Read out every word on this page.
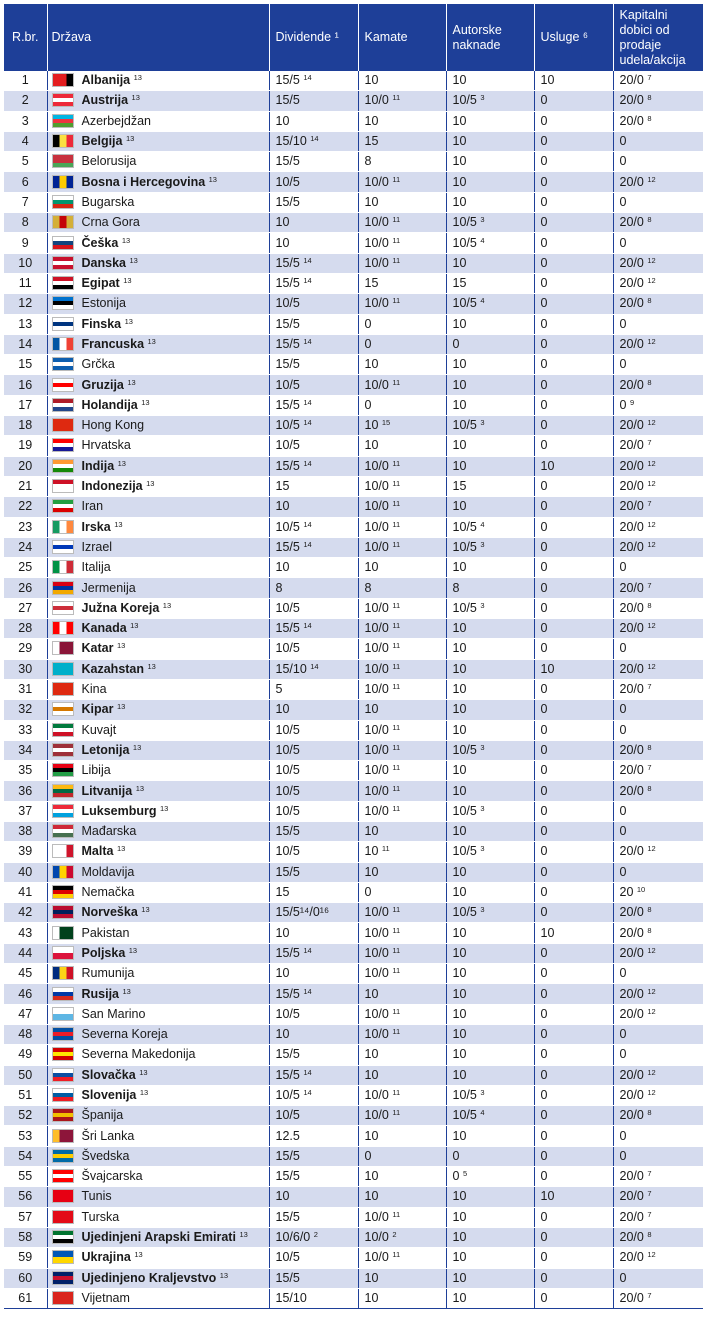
R.br.	Država	Dividende ¹	Kamate	Autorske naknade	Usluge ⁶	Kapitalni dobici od prodaje udela/akcija
1	Albanija $^{13}$	15/5 $^{14}$	10	10	10	20/0 $^7$
2	Austrija $^{13}$	15/5	10/0 $^{11}$	10/5 $^3$	0	20/0 $^8$
3	Azerbejdžan	10	10	10	0	20/0 $^8$
4	Belgija $^{13}$	15/10 $^{14}$	15	10	0	0
5	Belorusija	15/5	8	10	0	0
6	Bosna i Hercegovina $^{13}$	10/5	10/0 $^{11}$	10	0	20/0 $^{12}$
7	Bugarska	15/5	10	10	0	0
8	Crna Gora	10	10/0 $^{11}$	10/5 $^3$	0	20/0 $^8$
9	Češka $^{13}$	10	10/0 $^{11}$	10/5 $^4$	0	0
10	Danska $^{13}$	15/5 $^{14}$	10/0 $^{11}$	10	0	20/0 $^{12}$
11	Egipat $^{13}$	15/5 $^{14}$	15	15	0	20/0 $^{12}$
12	Estonija	10/5	10/0 $^{11}$	10/5 $^4$	0	20/0 $^8$
13	Finska $^{13}$	15/5	0	10	0	0
14	Francuska $^{13}$	15/5 $^{14}$	0	0	0	20/0 $^{12}$
15	Grčka	15/5	10	10	0	0
16	Gruzija $^{13}$	10/5	10/0 $^{11}$	10	0	20/0 $^8$
17	Holandija $^{13}$	15/5 $^{14}$	0	10	0	0 $^9$
18	Hong Kong	10/5 $^{14}$	10 $^{15}$	10/5 $^3$	0	20/0 $^{12}$
19	Hrvatska	10/5	10	10	0	20/0 $^7$
20	Indija $^{13}$	15/5 $^{14}$	10/0 $^{11}$	10	10	20/0 $^{12}$
21	Indonezija $^{13}$	15	10/0 $^{11}$	15	0	20/0 $^{12}$
22	Iran	10	10/0 $^{11}$	10	0	20/0 $^7$
23	Irska $^{13}$	10/5 $^{14}$	10/0 $^{11}$	10/5 $^4$	0	20/0 $^{12}$
24	Izrael	15/5 $^{14}$	10/0 $^{11}$	10/5 $^3$	0	20/0 $^{12}$
25	Italija	10	10	10	0	0
26	Jermenija	8	8	8	0	20/0 $^7$
27	Južna Koreja $^{13}$	10/5	10/0 $^{11}$	10/5 $^3$	0	20/0 $^8$
28	Kanada $^{13}$	15/5 $^{14}$	10/0 $^{11}$	10	0	20/0 $^{12}$
29	Katar $^{13}$	10/5	10/0 $^{11}$	10	0	0
30	Kazahstan $^{13}$	15/10 $^{14}$	10/0 $^{11}$	10	10	20/0 $^{12}$
31	Kina	5	10/0 $^{11}$	10	0	20/0 $^7$
32	Kipar $^{13}$	10	10	10	0	0
33	Kuvajt	10/5	10/0 $^{11}$	10	0	0
34	Letonija $^{13}$	10/5	10/0 $^{11}$	10/5 $^3$	0	20/0 $^8$
35	Libija	10/5	10/0 $^{11}$	10	0	20/0 $^7$
36	Litvanija $^{13}$	10/5	10/0 $^{11}$	10	0	20/0 $^8$
37	Luksemburg $^{13}$	10/5	10/0 $^{11}$	10/5 $^3$	0	0
38	Mađarska	15/5	10	10	0	0
39	Malta $^{13}$	10/5	10 $^{11}$	10/5 $^3$	0	20/0 $^{12}$
40	Moldavija	15/5	10	10	0	0
41	Nemačka	15	0	10	0	20 $^{10}$
42	Norveška $^{13}$	15/5¹⁴/0¹⁶	10/0 $^{11}$	10/5 $^3$	0	20/0 $^8$
43	Pakistan	10	10/0 $^{11}$	10	10	20/0 $^8$
44	Poljska $^{13}$	15/5 $^{14}$	10/0 $^{11}$	10	0	20/0 $^{12}$
45	Rumunija	10	10/0 $^{11}$	10	0	0
46	Rusija $^{13}$	15/5 $^{14}$	10	10	0	20/0 $^{12}$
47	San Marino	10/5	10/0 $^{11}$	10	0	20/0 $^{12}$
48	Severna Koreja	10	10/0 $^{11}$	10	0	0
49	Severna Makedonija	15/5	10	10	0	0
50	Slovačka $^{13}$	15/5 $^{14}$	10	10	0	20/0 $^{12}$
51	Slovenija $^{13}$	10/5 $^{14}$	10/0 $^{11}$	10/5 $^3$	0	20/0 $^{12}$
52	Španija	10/5	10/0 $^{11}$	10/5 $^4$	0	20/0 $^8$
53	Šri Lanka	12.5	10	10	0	0
54	Švedska	15/5	0	0	0	0
55	Švajcarska	15/5	10	0 $^5$	0	20/0 $^7$
56	Tunis	10	10	10	10	20/0 $^7$
57	Turska	15/5	10/0 $^{11}$	10	0	20/0 $^7$
58	Ujedinjeni Arapski Emirati $^{13}$	10/6/0 $^2$	10/0 $^2$	10	0	20/0 $^8$
59	Ukrajina $^{13}$	10/5	10/0 $^{11}$	10	0	20/0 $^{12}$
60	Ujedinjeno Kraljevstvo $^{13}$	15/5	10	10	0	0
61	Vijetnam	15/10	10	10	0	20/0 $^7$
